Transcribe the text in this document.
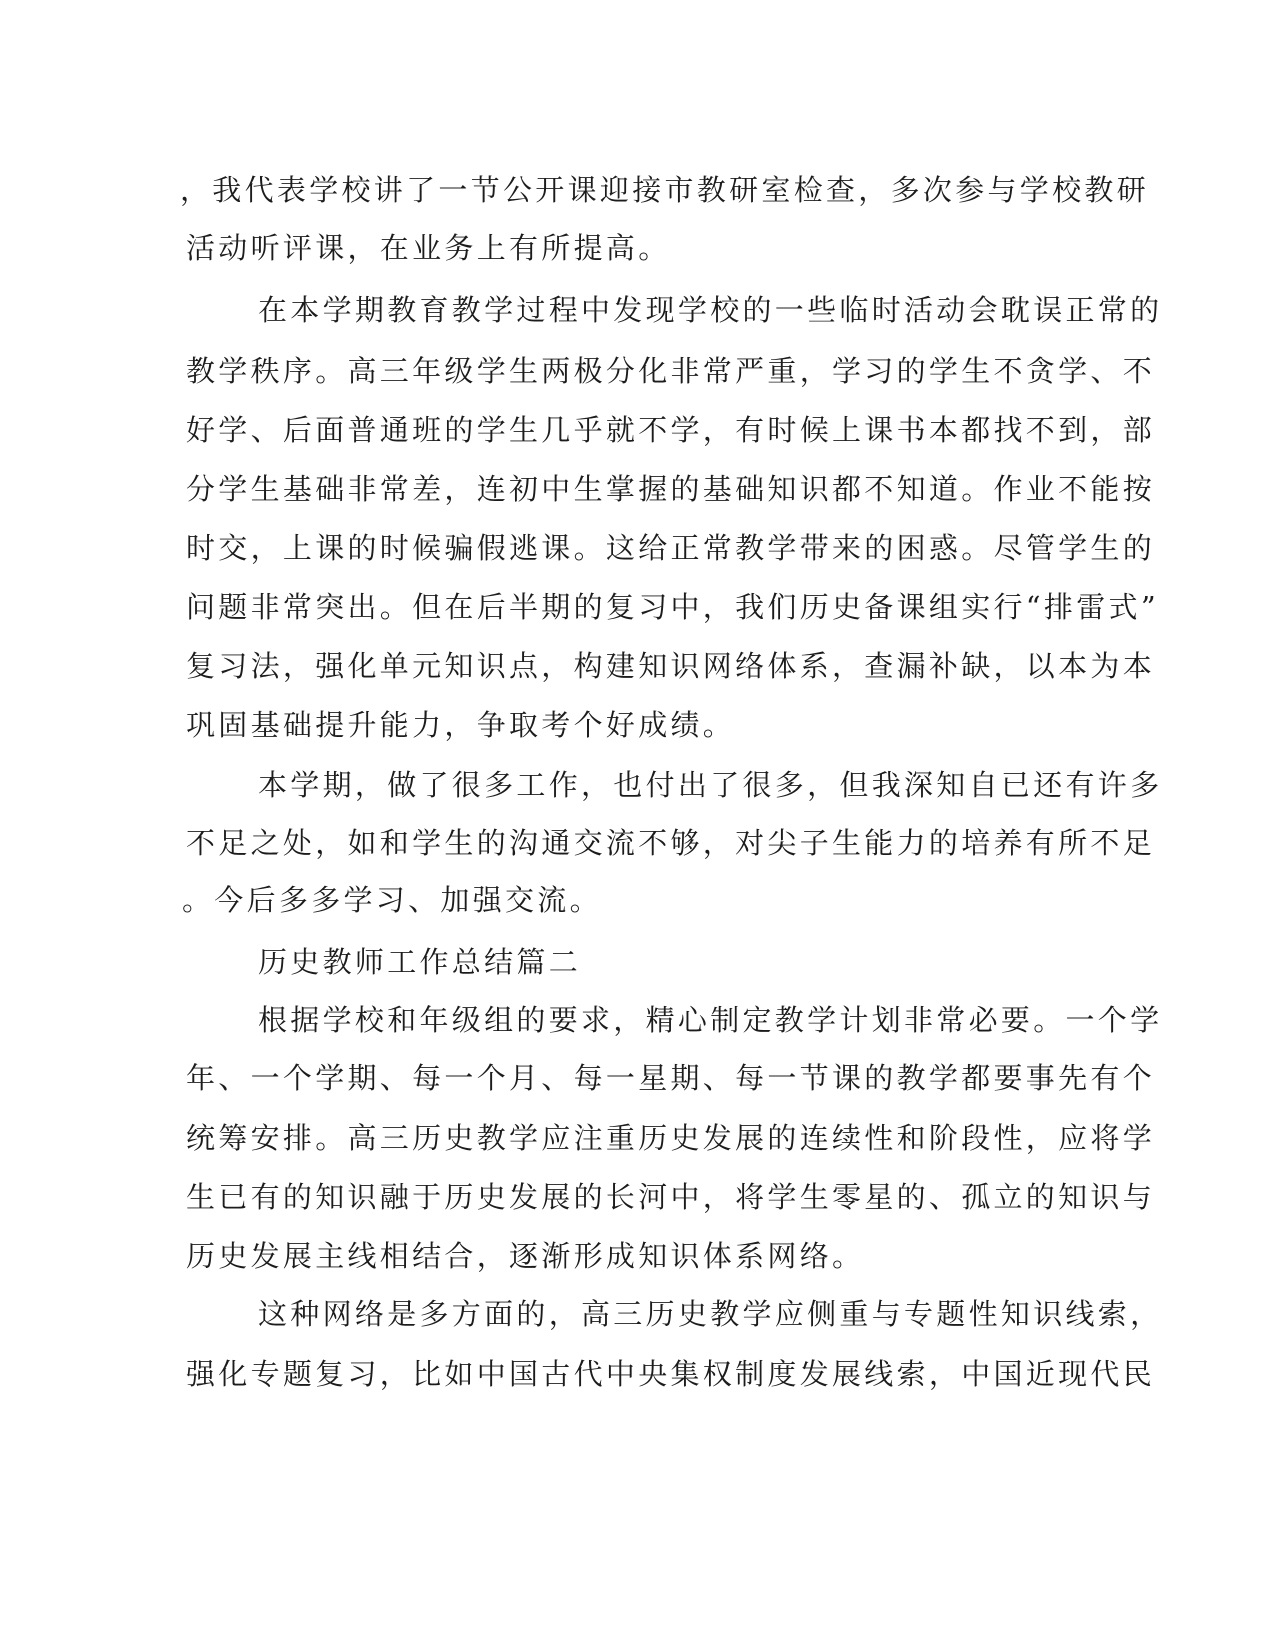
，我代表学校讲了一节公开课迎接市教研室检查，多次参与学校教研
活动听评课，在业务上有所提高。
在本学期教育教学过程中发现学校的一些临时活动会耽误正常的
教学秩序。高三年级学生两极分化非常严重，学习的学生不贪学、不
好学、后面普通班的学生几乎就不学，有时候上课书本都找不到，部
分学生基础非常差，连初中生掌握的基础知识都不知道。作业不能按
时交，上课的时候骗假逃课。这给正常教学带来的困惑。尽管学生的
问题非常突出。但在后半期的复习中，我们历史备课组实行“排雷式”
复习法，强化单元知识点，构建知识网络体系，查漏补缺，以本为本
巩固基础提升能力，争取考个好成绩。
本学期，做了很多工作，也付出了很多，但我深知自已还有许多
不足之处，如和学生的沟通交流不够，对尖子生能力的培养有所不足
。今后多多学习、加强交流。
历史教师工作总结篇二
根据学校和年级组的要求，精心制定教学计划非常必要。一个学
年、一个学期、每一个月、每一星期、每一节课的教学都要事先有个
统筹安排。高三历史教学应注重历史发展的连续性和阶段性，应将学
生已有的知识融于历史发展的长河中，将学生零星的、孤立的知识与
历史发展主线相结合，逐渐形成知识体系网络。
这种网络是多方面的，高三历史教学应侧重与专题性知识线索，
强化专题复习，比如中国古代中央集权制度发展线索，中国近现代民
